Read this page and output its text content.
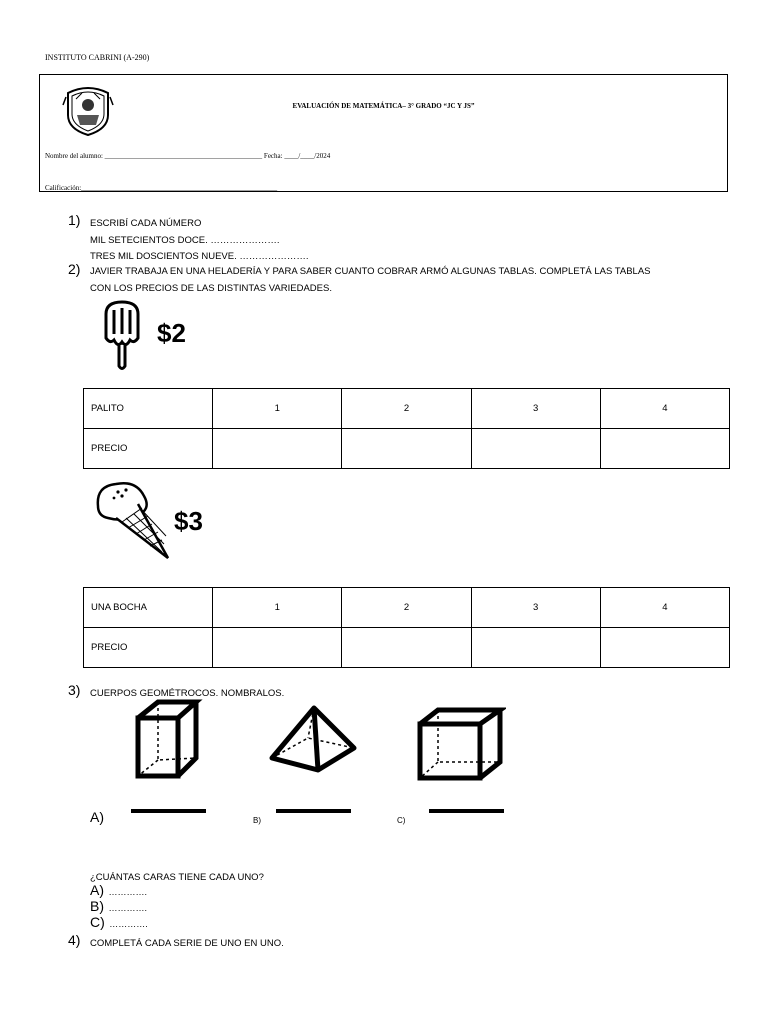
INSTITUTO CABRINI (A-290)
EVALUACIÓN DE MATEMÁTICA– 3° GRADO “JC Y JS”
Nombre del alumno: _____________________________________________ Fecha: ____/____/2024
Calificación:________________________________________________________
1) ESCRIBÍ CADA NÚMERO
MIL SETECIENTOS DOCE. ………………….
TRES MIL DOSCIENTOS NUEVE. ………………….
2) JAVIER TRABAJA EN UNA HELADERÍA Y PARA SABER CUANTO COBRAR ARMÓ ALGUNAS TABLAS. COMPLETÁ LAS TABLAS
CON LOS PRECIOS DE LAS DISTINTAS VARIEDADES.
$2
PALITO	1	2	3	4
PRECIO				
$3
UNA BOCHA	1	2	3	4
PRECIO				
3) CUERPOS GEOMÉTROCOS. NOMBRALOS.
A)	B)	C)
¿CUÁNTAS CARAS TIENE CADA UNO?
A) ………….
B) ………….
C) ………….
4) COMPLETÁ CADA SERIE DE UNO EN UNO.
